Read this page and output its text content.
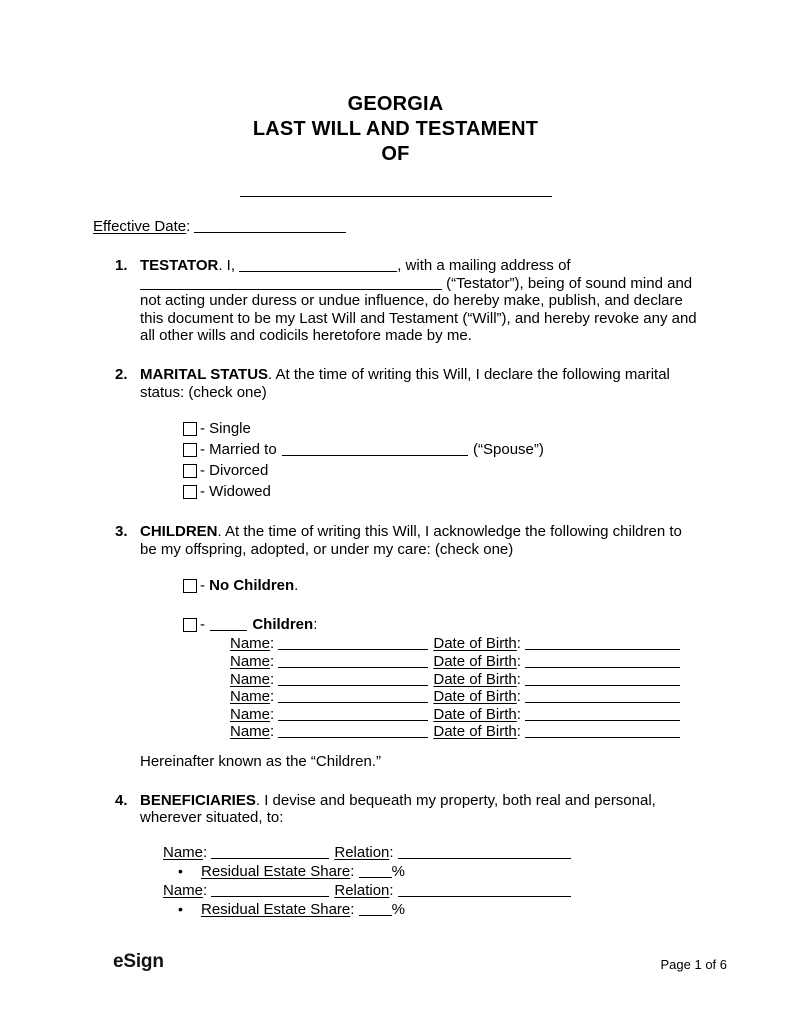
GEORGIA
LAST WILL AND TESTAMENT
OF
Effective Date:
1. TESTATOR. I,	, with a mailing address of  (“Testator”), being of sound mind and not acting under duress or undue influence, do hereby make, publish, and declare this document to be my Last Will and Testament (“Will”), and hereby revoke any and all other wills and codicils heretofore made by me.
2. MARITAL STATUS. At the time of writing this Will, I declare the following marital status: (check one)
- Single
- Married to	(“Spouse”)
- Divorced
- Widowed
3. CHILDREN. At the time of writing this Will, I acknowledge the following children to be my offspring, adopted, or under my care: (check one)
- No Children .
-	Children :
Name:	Date of Birth:
Name:	Date of Birth:
Name:	Date of Birth:
Name:	Date of Birth:
Name:	Date of Birth:
Name:	Date of Birth:
Hereinafter known as the “Children.”
4. BENEFICIARIES. I devise and bequeath my property, both real and personal, wherever situated, to:
Name:	Relation:
• Residual Estate Share: %
Name:	Relation:
• Residual Estate Share: %
eSign	Page 1 of 6
